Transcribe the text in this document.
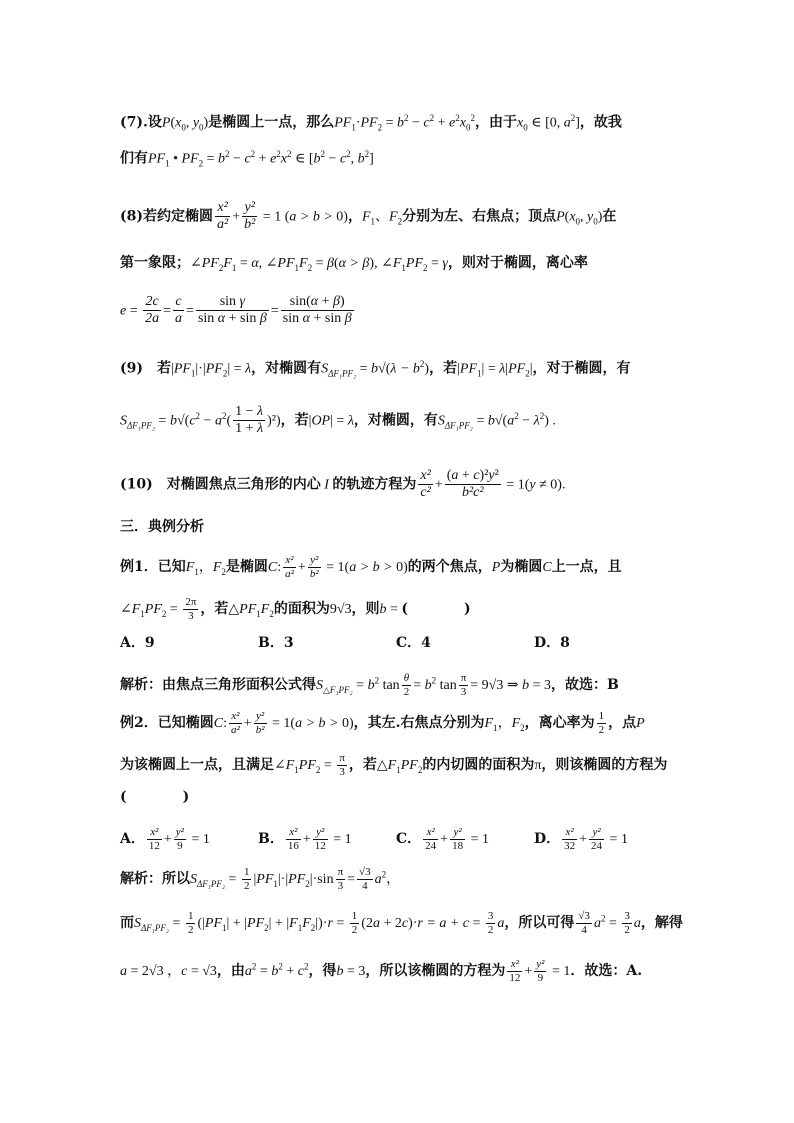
(7).设$P(x_0$, $y_0$)是椭圆上一点，那么$PF_1\cdot PF_2 = b^2 - c^2 + e^2x_0^2$，由于$x_0$ ∈ [0, $a^2$]，故我
们有$PF_1$ • $PF_2 = b^2 - c^2 + e^2x^2$ ∈ [$b^2 - c^2$, $b^2$]
(8)若约定椭圆 $\frac{\text{x²}}{\text{a²}} + \frac{\text{y²}}{\text{b²}} = 1$ (a > b > 0)，$F_1$、$F_2$分别为左、右焦点；顶点$P(x_0$, $y_0$)在
第一象限；$\angle PF_2F_1 = \alpha$, $\angle PF_1F_2 = \beta(\alpha > \beta)$, $\angle F_1PF_2 = \gamma$，则对于椭圆，离心率
$e = \frac{2c}{2a} = \frac{c}{a} = \frac{\text{sin γ}}{\text{sin α + sin β}} = \frac{\sin(\alpha + \beta)}{\text{sin α + sin β}}$
(9)　 若$|PF_1|\cdot|PF_2| = \lambda$，对椭圆有$S_{\Delta F_1PF_2} = b√(\lambda - b^2)$，若$|PF_1| = \lambda|PF_2|$，对于椭圆，有
$S_{\Delta F_1PF_2} = b√(c^2 - a^2( \frac{1 - \lambda}{1 + \lambda} )^2)$，若|OP| = λ，对椭圆，有$S_{\Delta F_1PF_2} = b√(a^2 - \lambda^2)$ .
(10)　 对椭圆焦点三角形的内心 I 的轨迹方程为 $\frac{\text{x²}}{\text{c²}} + \frac{\text{(a + c)²y²}}{\text{b²c²}} = 1(y \ne 0)$.
三．典例分析
例1．已知$F_1$，$F_2$是椭圆C: $\frac{\text{x²}}{\text{a²}} + \frac{\text{y²}}{\text{b²}} = 1(a > b > 0)$的两个焦点，P为椭圆C上一点，且
$\angle F_1PF_2 = \frac{2\pi}{3}$ ，若$\triangle PF_1F_2$的面积为9√3，则b = (　　　　)
A．9	B．3	C．4	D．8
解析：由焦点三角形面积公式得$S_{\triangle F_1PF_2} = b^2$ $\tan \frac{\theta}{2} = b^2$ $\tan \frac{\pi}{3} = 9√3$ ⇒ b = 3，故选：B
例2．已知椭圆C: $\frac{\text{x²}}{\text{a²}} + \frac{\text{y²}}{\text{b²}} = 1(a > b > 0)$，其左.右焦点分别为$F_1$，$F_2$，离心率为 $\frac{1}{2}$ ，点P
为该椭圆上一点，且满足$\angle F_1PF_2 = \frac{\pi}{3}$ ，若$\triangle F_1PF_2$的内切圆的面积为π，则该椭圆的方程为
(　　　　)
A． $\frac{\text{x²}}{12} + \frac{\text{y²}}{9} = 1$	B． $\frac{\text{x²}}{16} + \frac{\text{y²}}{12} = 1$	C． $\frac{\text{x²}}{24} + \frac{\text{y²}}{18} = 1$	D． $\frac{\text{x²}}{32} + \frac{\text{y²}}{24} = 1$
解析：所以$S_{\Delta F_1PF_2} = \frac{1}{2} |PF_1|\cdot|PF_2|\cdot\sin \frac{\pi}{3} = \frac{√3}{4} a^2$，
而$S_{\Delta F_1PF_2} = \frac{1}{2} (|PF_1| + |PF_2| + |F_1F_2|)\cdot r = \frac{1}{2} (2a + 2c)\cdot r = a + c = \frac{3}{2}$ a，所以可得 $\frac{√3}{4} a^2 = \frac{3}{2}$ a，解得
a = 2√3 ，c = √3，由$a^2 = b^2 + c^2$，得b = 3，所以该椭圆的方程为 $\frac{\text{x²}}{12} + \frac{\text{y²}}{9} = 1$．故选：A.
